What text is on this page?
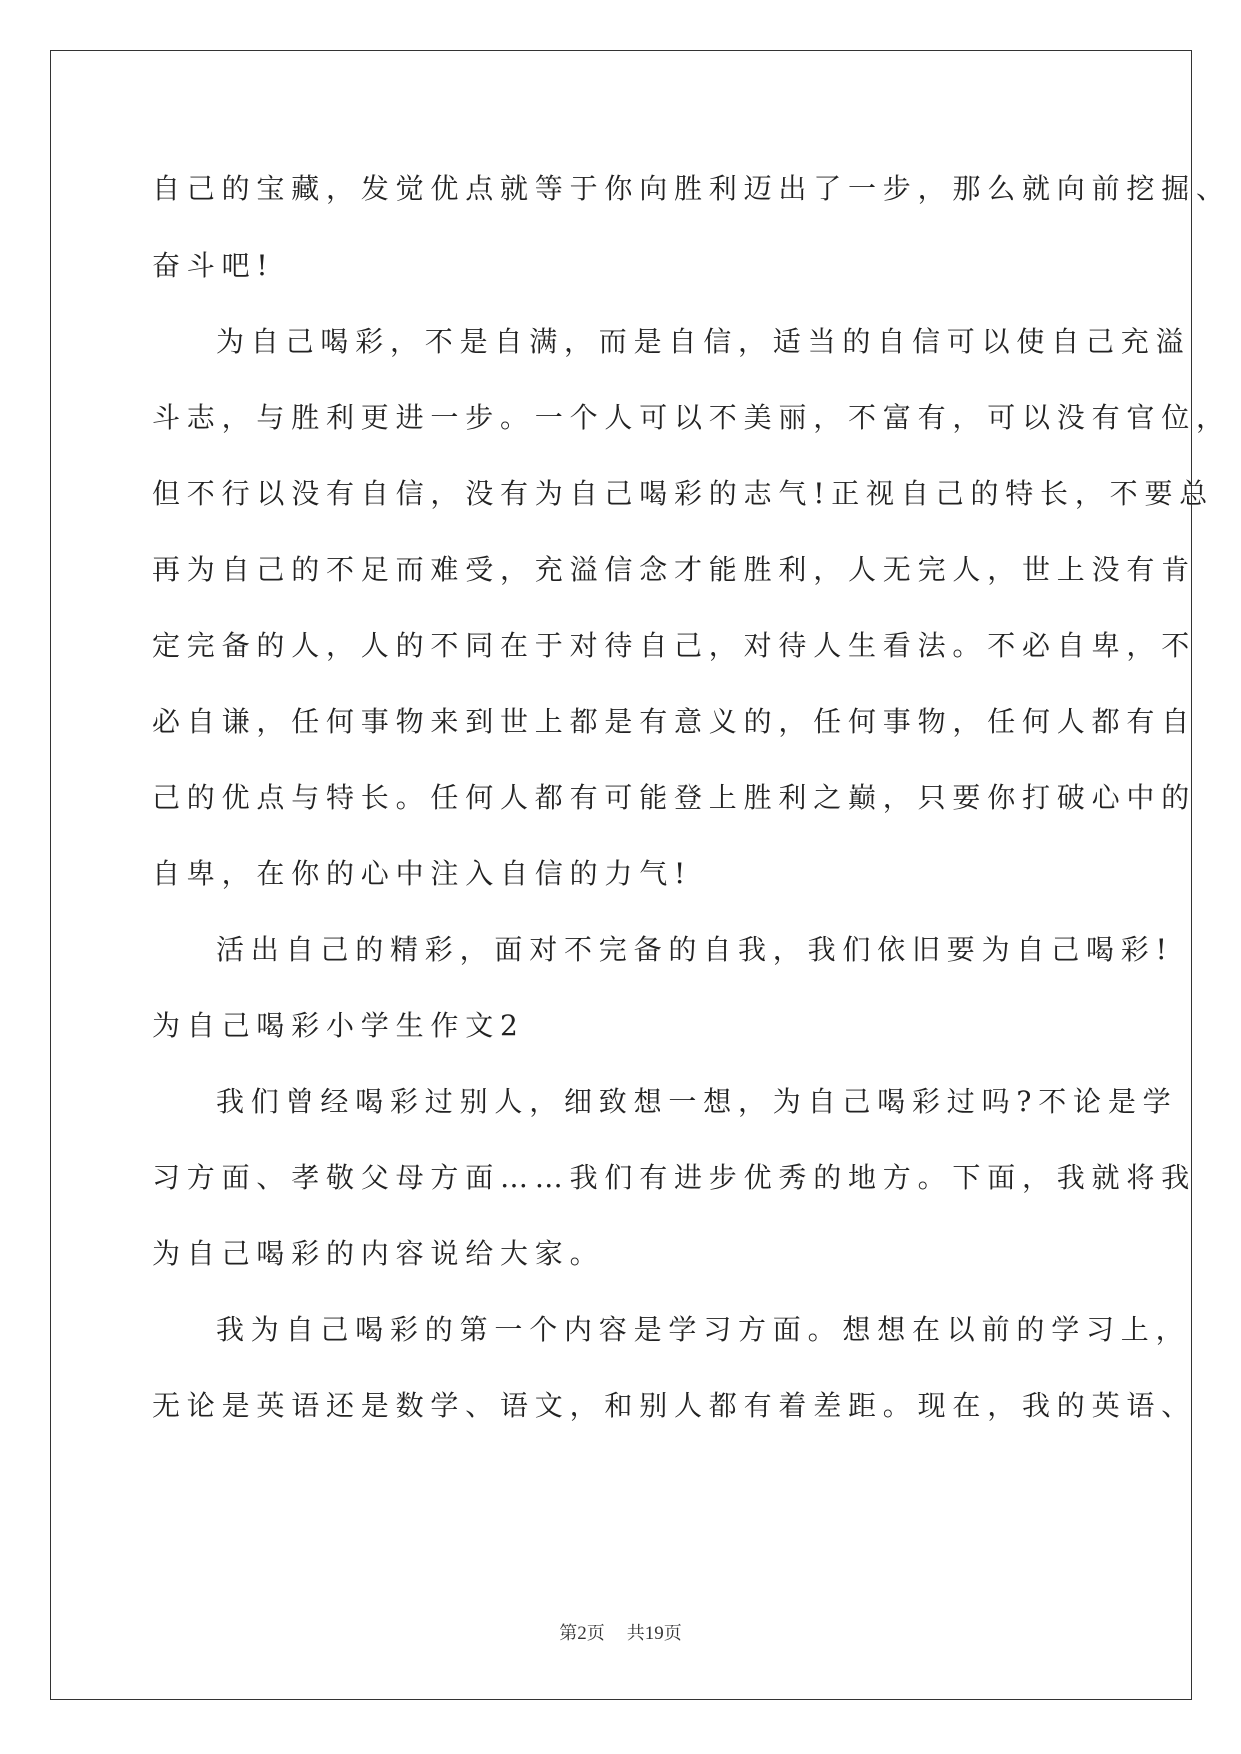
自己的宝藏，发觉优点就等于你向胜利迈出了一步，那么就向前挖掘、
奋斗吧!
为自己喝彩，不是自满，而是自信，适当的自信可以使自己充溢
斗志，与胜利更进一步。一个人可以不美丽，不富有，可以没有官位，
但不行以没有自信，没有为自己喝彩的志气!正视自己的特长，不要总
再为自己的不足而难受，充溢信念才能胜利，人无完人，世上没有肯
定完备的人，人的不同在于对待自己，对待人生看法。不必自卑，不
必自谦，任何事物来到世上都是有意义的，任何事物，任何人都有自
己的优点与特长。任何人都有可能登上胜利之巅，只要你打破心中的
自卑，在你的心中注入自信的力气!
活出自己的精彩，面对不完备的自我，我们依旧要为自己喝彩!
为自己喝彩小学生作文2
我们曾经喝彩过别人，细致想一想，为自己喝彩过吗?不论是学
习方面、孝敬父母方面……我们有进步优秀的地方。下面，我就将我
为自己喝彩的内容说给大家。
我为自己喝彩的第一个内容是学习方面。想想在以前的学习上，
无论是英语还是数学、语文，和别人都有着差距。现在，我的英语、
第2页 共19页
